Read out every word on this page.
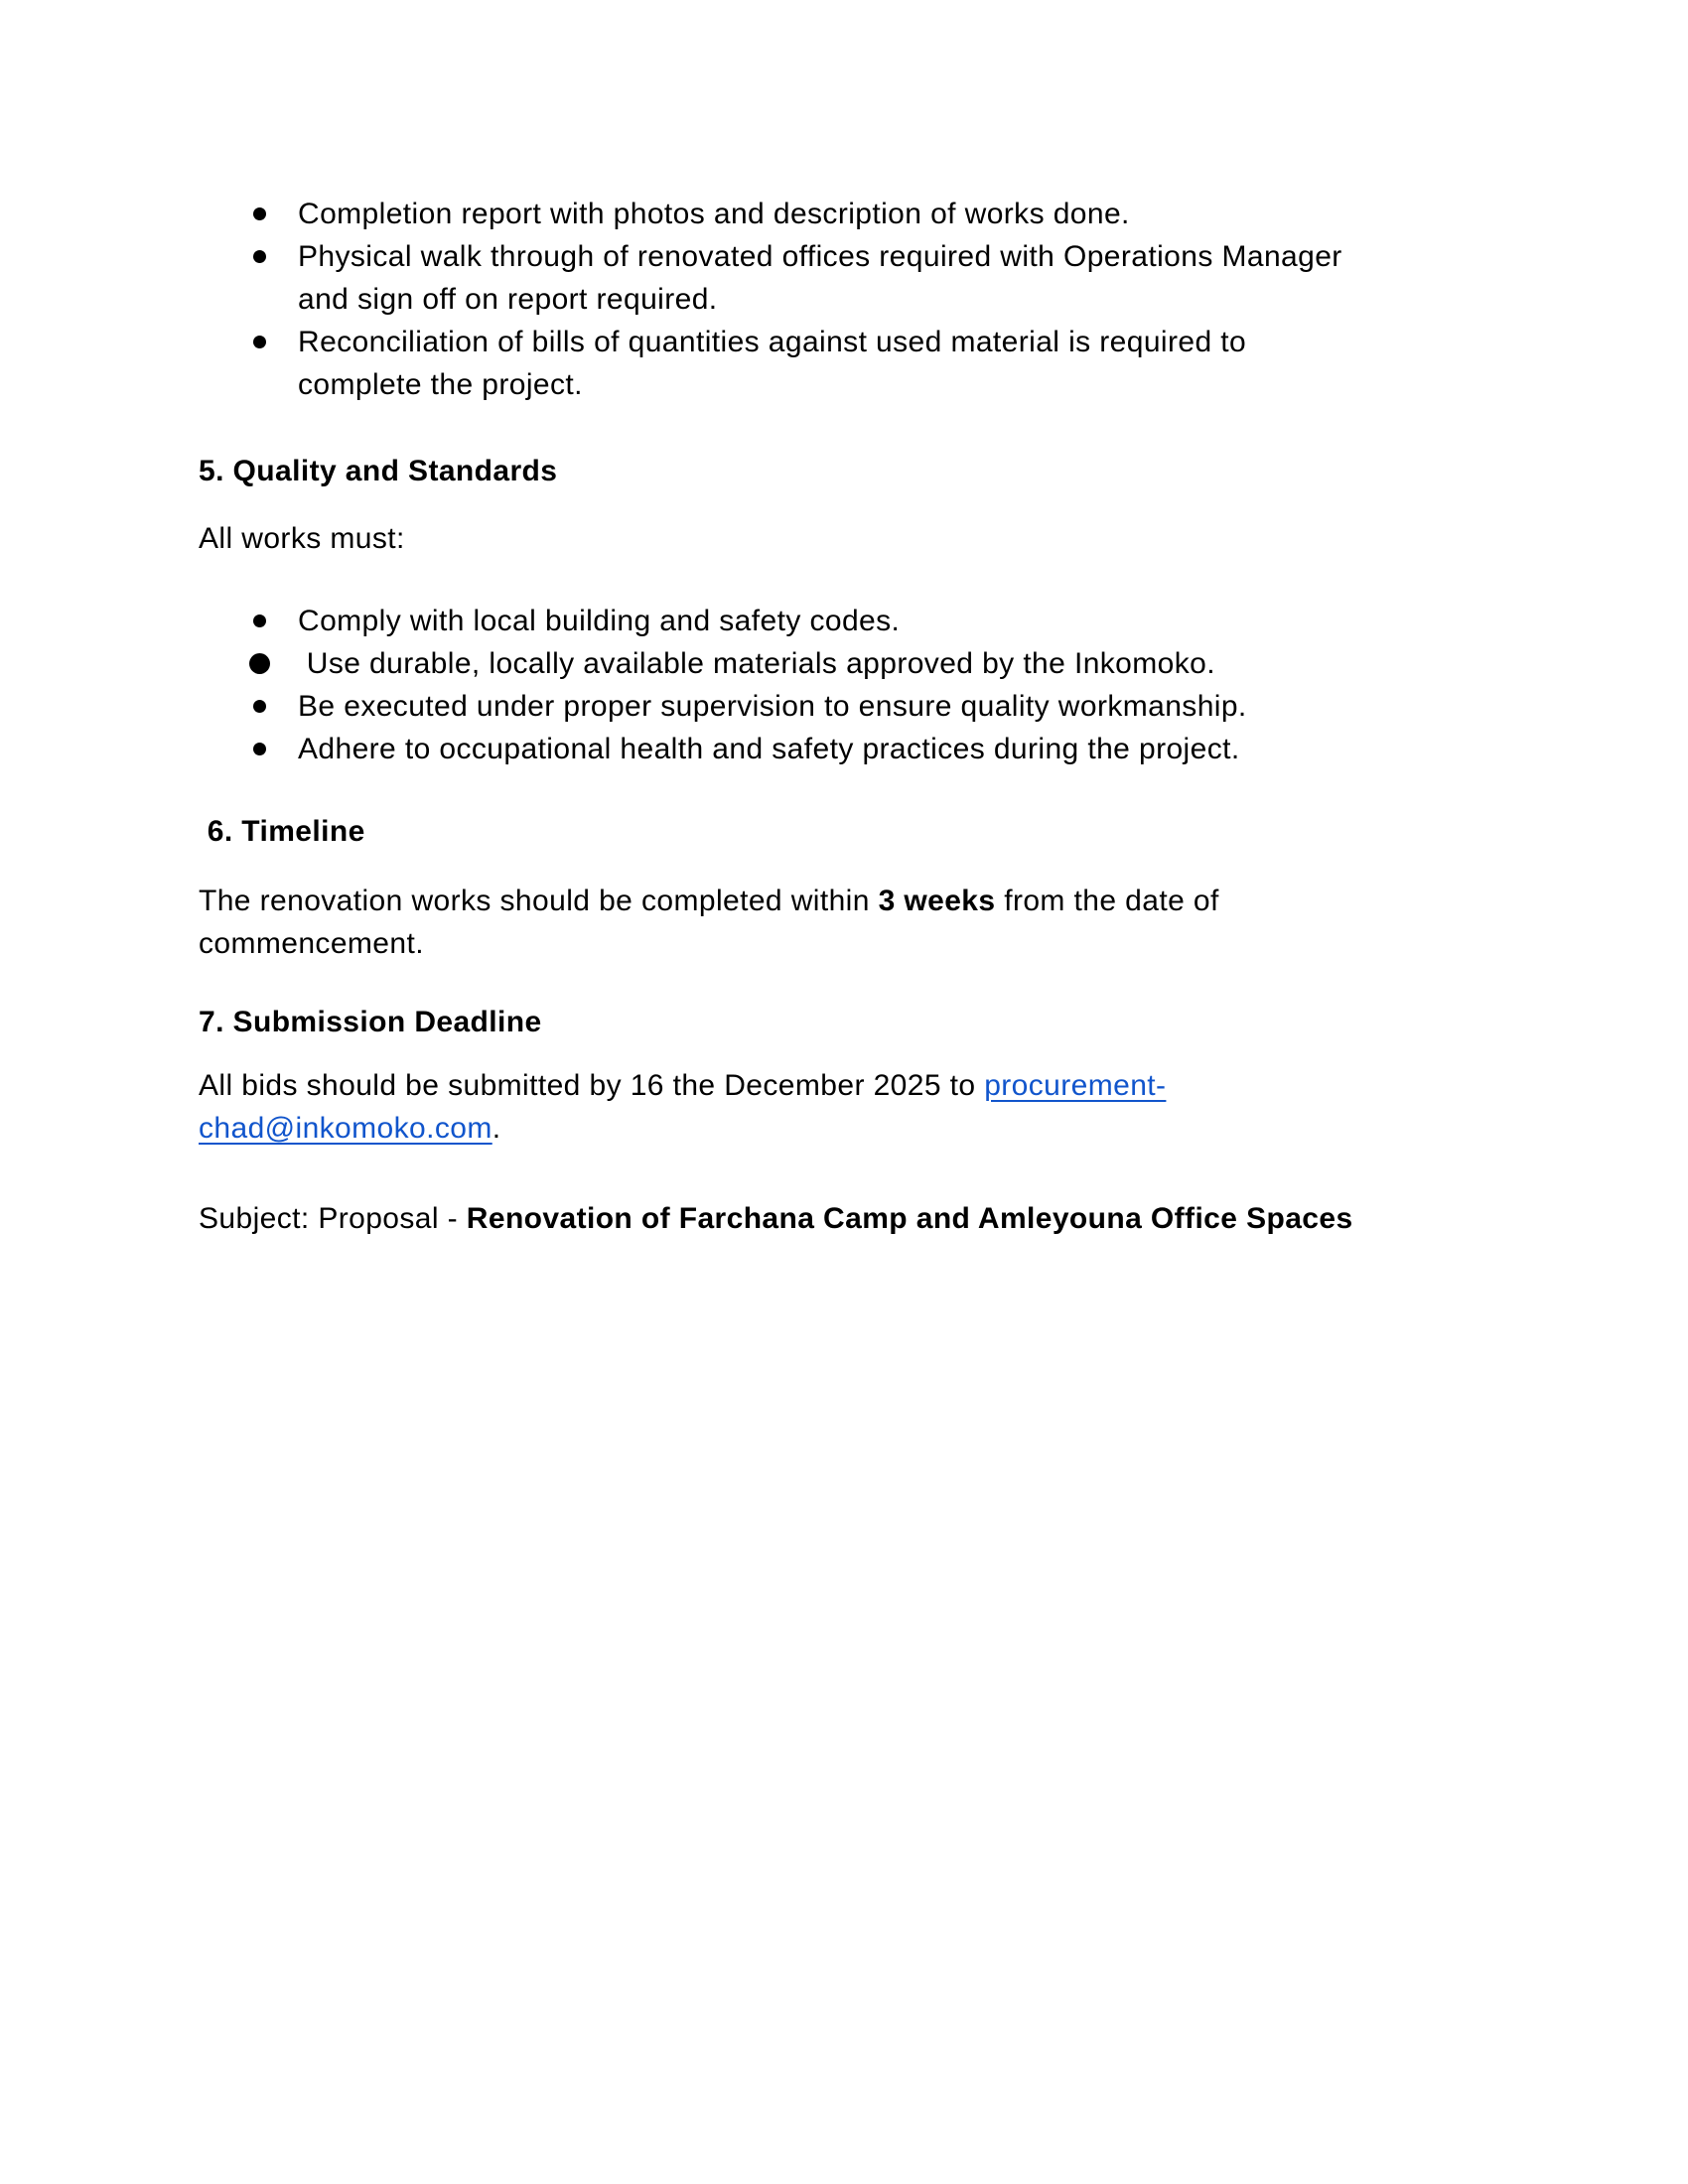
Completion report with photos and description of works done.
Physical walk through of renovated offices required with Operations Manager
and sign off on report required.
Reconciliation of bills of quantities against used material is required to
complete the project.
5. Quality and Standards

All works must:

Comply with local building and safety codes.
Use durable, locally available materials approved by the Inkomoko.
Be executed under proper supervision to ensure quality workmanship.
Adhere to occupational health and safety practices during the project.
6. Timeline

The renovation works should be completed within 3 weeks from the date of
commencement.

7. Submission Deadline

All bids should be submitted by 16 the December 2025 to procurement-
chad@inkomoko.com.

Subject: Proposal - Renovation of Farchana Camp and Amleyouna Office Spaces
